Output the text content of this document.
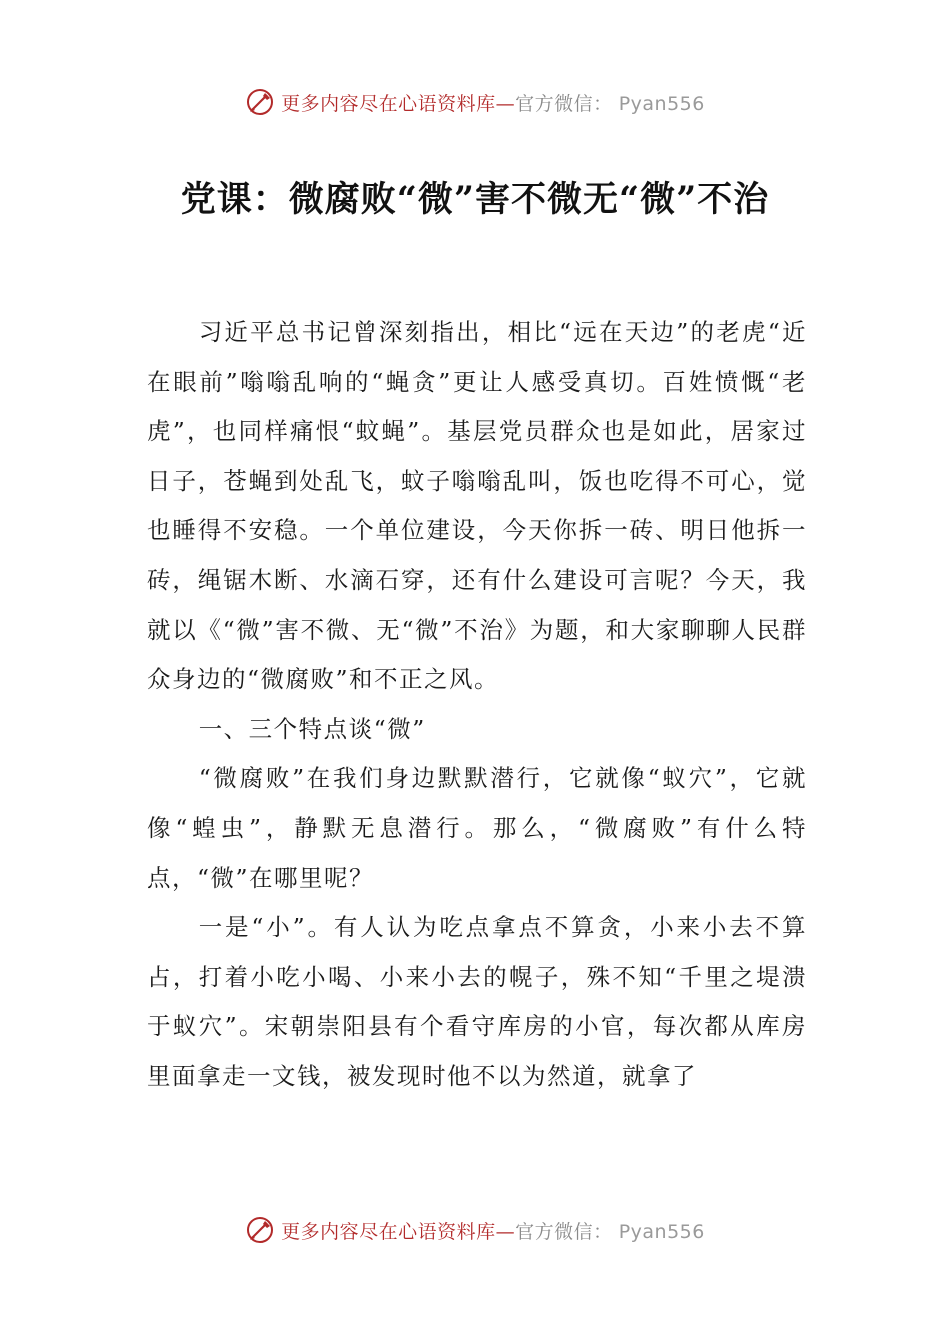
更多内容尽在心语资料库—官方微信： Pyan556
党课：微腐败“微”害不微无“微”不治

习近平总书记曾深刻指出，相比“远在天边”的老虎“近在眼前”嗡嗡乱响的“蝇贪”更让人感受真切。百姓愤慨“老虎”，也同样痛恨“蚊蝇”。基层党员群众也是如此，居家过日子，苍蝇到处乱飞，蚊子嗡嗡乱叫，饭也吃得不可心，觉也睡得不安稳。一个单位建设，今天你拆一砖、明日他拆一砖，绳锯木断、水滴石穿，还有什么建设可言呢？今天，我就以《“微”害不微、无“微”不治》为题，和大家聊聊人民群众身边的“微腐败”和不正之风。

一、三个特点谈“微”

“微腐败”在我们身边默默潜行，它就像“蚁穴”，它就像“蝗虫”，静默无息潜行。那么，“微腐败”有什么特点，“微”在哪里呢？

一是“小”。有人认为吃点拿点不算贪，小来小去不算占，打着小吃小喝、小来小去的幌子，殊不知“千里之堤溃于蚁穴”。宋朝崇阳县有个看守库房的小官，每次都从库房里面拿走一文钱，被发现时他不以为然道，就拿了

更多内容尽在心语资料库—官方微信： Pyan556
